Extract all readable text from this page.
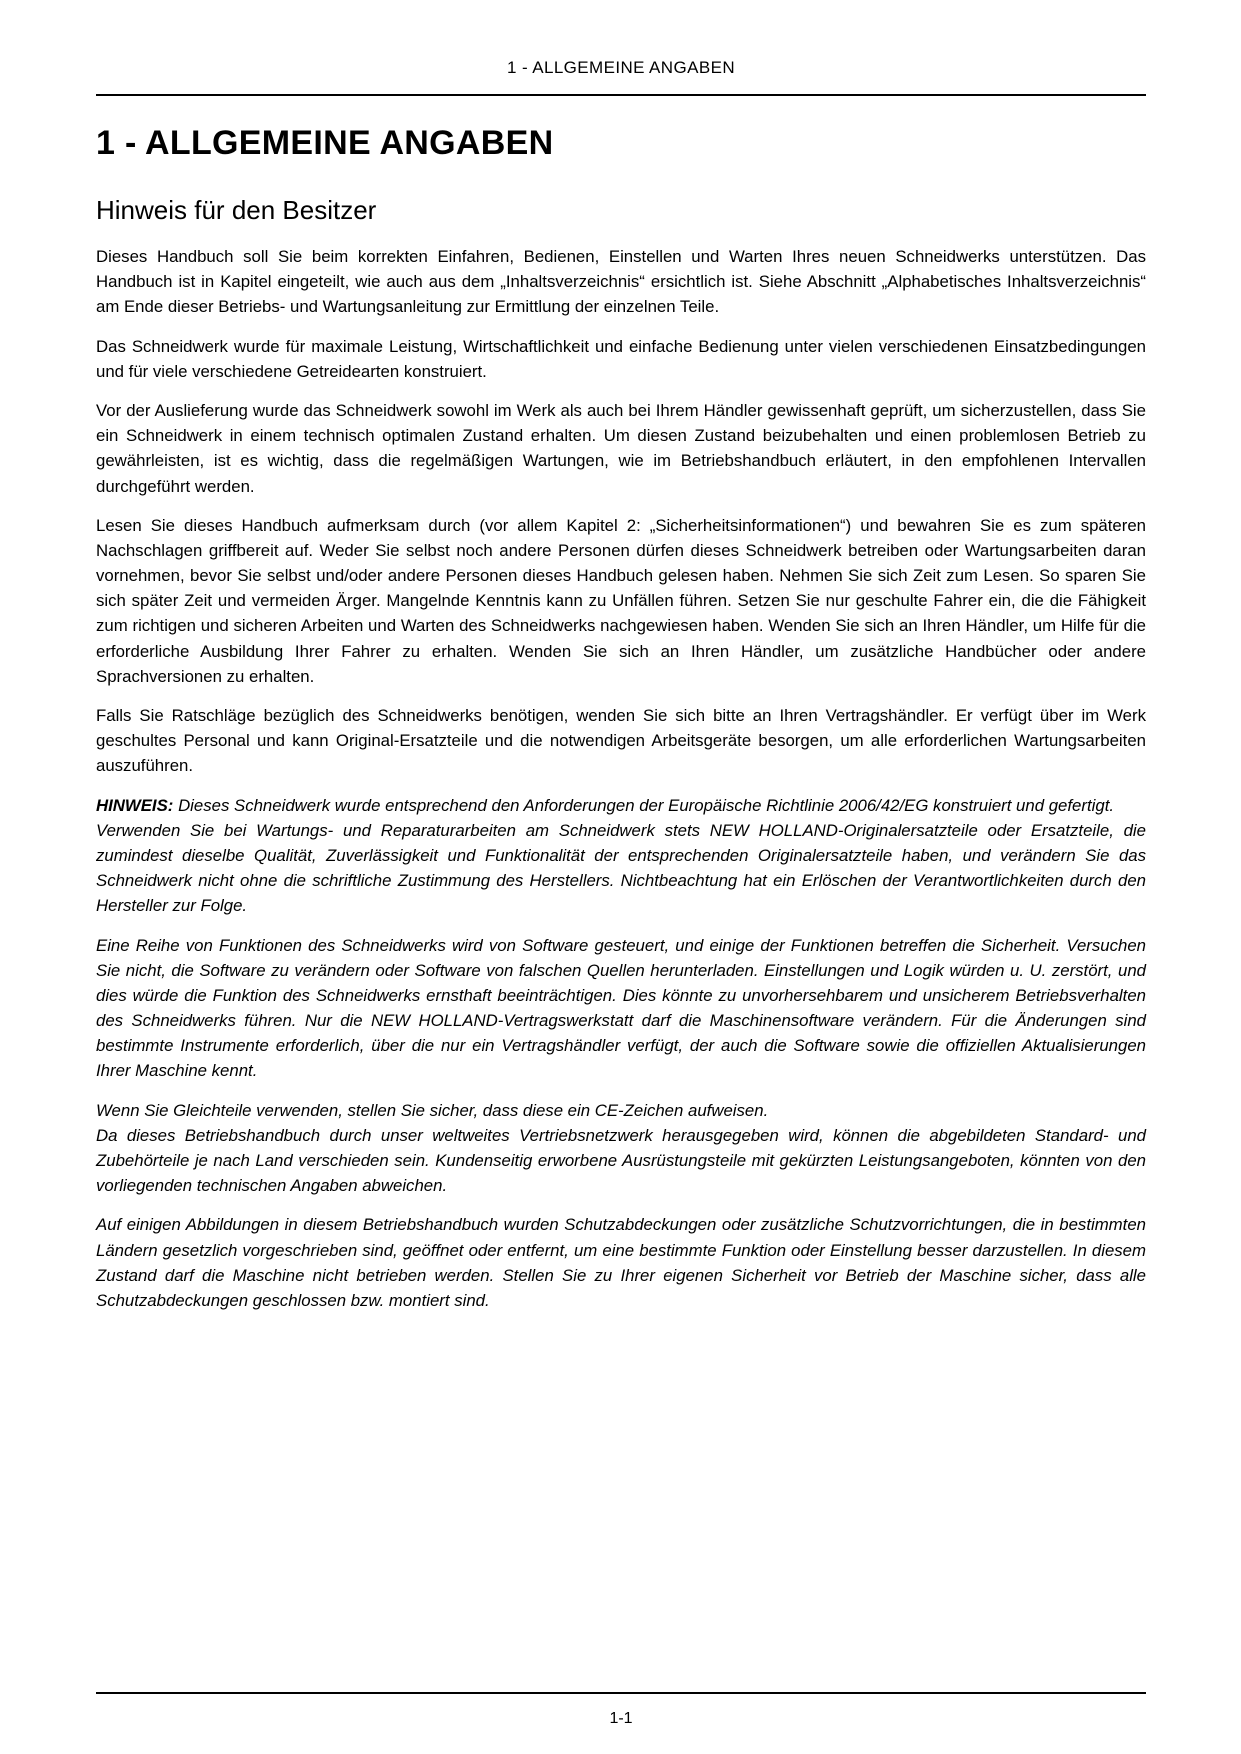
1 - ALLGEMEINE ANGABEN
1 - ALLGEMEINE ANGABEN
Hinweis für den Besitzer

Dieses Handbuch soll Sie beim korrekten Einfahren, Bedienen, Einstellen und Warten Ihres neuen Schneidwerks unterstützen. Das Handbuch ist in Kapitel eingeteilt, wie auch aus dem „Inhaltsverzeichnis“ ersichtlich ist. Siehe Abschnitt „Alphabetisches Inhaltsverzeichnis“ am Ende dieser Betriebs- und Wartungsanleitung zur Ermittlung der einzelnen Teile.

Das Schneidwerk wurde für maximale Leistung, Wirtschaftlichkeit und einfache Bedienung unter vielen verschiedenen Einsatzbedingungen und für viele verschiedene Getreidearten konstruiert.

Vor der Auslieferung wurde das Schneidwerk sowohl im Werk als auch bei Ihrem Händler gewissenhaft geprüft, um sicherzustellen, dass Sie ein Schneidwerk in einem technisch optimalen Zustand erhalten. Um diesen Zustand beizubehalten und einen problemlosen Betrieb zu gewährleisten, ist es wichtig, dass die regelmäßigen Wartungen, wie im Betriebshandbuch erläutert, in den empfohlenen Intervallen durchgeführt werden.

Lesen Sie dieses Handbuch aufmerksam durch (vor allem Kapitel 2: „Sicherheitsinformationen“) und bewahren Sie es zum späteren Nachschlagen griffbereit auf. Weder Sie selbst noch andere Personen dürfen dieses Schneidwerk betreiben oder Wartungsarbeiten daran vornehmen, bevor Sie selbst und/oder andere Personen dieses Handbuch gelesen haben. Nehmen Sie sich Zeit zum Lesen. So sparen Sie sich später Zeit und vermeiden Ärger. Mangelnde Kenntnis kann zu Unfällen führen. Setzen Sie nur geschulte Fahrer ein, die die Fähigkeit zum richtigen und sicheren Arbeiten und Warten des Schneidwerks nachgewiesen haben. Wenden Sie sich an Ihren Händler, um Hilfe für die erforderliche Ausbildung Ihrer Fahrer zu erhalten. Wenden Sie sich an Ihren Händler, um zusätzliche Handbücher oder andere Sprachversionen zu erhalten.

Falls Sie Ratschläge bezüglich des Schneidwerks benötigen, wenden Sie sich bitte an Ihren Vertragshändler. Er verfügt über im Werk geschultes Personal und kann Original-Ersatzteile und die notwendigen Arbeitsgeräte besorgen, um alle erforderlichen Wartungsarbeiten auszuführen.

HINWEIS: Dieses Schneidwerk wurde entsprechend den Anforderungen der Europäische Richtlinie 2006/42/EG konstruiert und gefertigt.
Verwenden Sie bei Wartungs- und Reparaturarbeiten am Schneidwerk stets NEW HOLLAND-Originalersatzteile oder Ersatzteile, die zumindest dieselbe Qualität, Zuverlässigkeit und Funktionalität der entsprechenden Originalersatzteile haben, und verändern Sie das Schneidwerk nicht ohne die schriftliche Zustimmung des Herstellers. Nichtbeachtung hat ein Erlöschen der Verantwortlichkeiten durch den Hersteller zur Folge.

Eine Reihe von Funktionen des Schneidwerks wird von Software gesteuert, und einige der Funktionen betreffen die Sicherheit. Versuchen Sie nicht, die Software zu verändern oder Software von falschen Quellen herunterladen. Einstellungen und Logik würden u. U. zerstört, und dies würde die Funktion des Schneidwerks ernsthaft beeinträchtigen. Dies könnte zu unvorhersehbarem und unsicherem Betriebsverhalten des Schneidwerks führen. Nur die NEW HOLLAND-Vertragswerkstatt darf die Maschinensoftware verändern. Für die Änderungen sind bestimmte Instrumente erforderlich, über die nur ein Vertragshändler verfügt, der auch die Software sowie die offiziellen Aktualisierungen Ihrer Maschine kennt.

Wenn Sie Gleichteile verwenden, stellen Sie sicher, dass diese ein CE-Zeichen aufweisen.
Da dieses Betriebshandbuch durch unser weltweites Vertriebsnetzwerk herausgegeben wird, können die abgebildeten Standard- und Zubehörteile je nach Land verschieden sein. Kundenseitig erworbene Ausrüstungsteile mit gekürzten Leistungsangeboten, könnten von den vorliegenden technischen Angaben abweichen.

Auf einigen Abbildungen in diesem Betriebshandbuch wurden Schutzabdeckungen oder zusätzliche Schutzvorrichtungen, die in bestimmten Ländern gesetzlich vorgeschrieben sind, geöffnet oder entfernt, um eine bestimmte Funktion oder Einstellung besser darzustellen. In diesem Zustand darf die Maschine nicht betrieben werden. Stellen Sie zu Ihrer eigenen Sicherheit vor Betrieb der Maschine sicher, dass alle Schutzabdeckungen geschlossen bzw. montiert sind.

1-1
